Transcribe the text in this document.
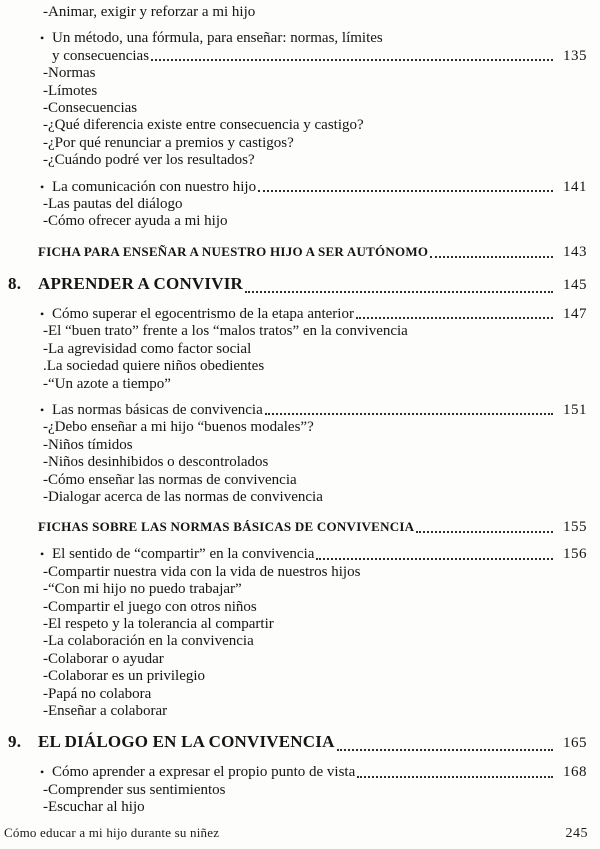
-Animar, exigir y reforzar a mi hijo
• Un método, una fórmula, para enseñar: normas, límites
y consecuencias	135
-Normas
-Límotes
-Consecuencias
-¿Qué diferencia existe entre consecuencia y castigo?
-¿Por qué renunciar a premios y castigos?
-¿Cuándo podré ver los resultados?
• La comunicación con nuestro hijo	141
-Las pautas del diálogo
-Cómo ofrecer ayuda a mi hijo
FICHA PARA ENSEÑAR A NUESTRO HIJO A SER AUTÓNOMO	143
8. APRENDER A CONVIVIR	145
• Cómo superar el egocentrismo de la etapa anterior	147
-El “buen trato” frente a los “malos tratos” en la convivencia
-La agrevisidad como factor social
.La sociedad quiere niños obedientes
-“Un azote a tiempo”
• Las normas básicas de convivencia	151
-¿Debo enseñar a mi hijo “buenos modales”?
-Niños tímidos
-Niños desinhibidos o descontrolados
-Cómo enseñar las normas de convivencia
-Dialogar acerca de las normas de convivencia
FICHAS SOBRE LAS NORMAS BÁSICAS DE CONVIVENCIA	155
• El sentido de “compartir” en la convivencia	156
-Compartir nuestra vida con la vida de nuestros hijos
-“Con mi hijo no puedo trabajar”
-Compartir el juego con otros niños
-El respeto y la tolerancia al compartir
-La colaboración en la convivencia
-Colaborar o ayudar
-Colaborar es un privilegio
-Papá no colabora
-Enseñar a colaborar
9. EL DIÁLOGO EN LA CONVIVENCIA	165
• Cómo aprender a expresar el propio punto de vista	168
-Comprender sus sentimientos
-Escuchar al hijo
Cómo educar a mi hijo durante su niñez	245
